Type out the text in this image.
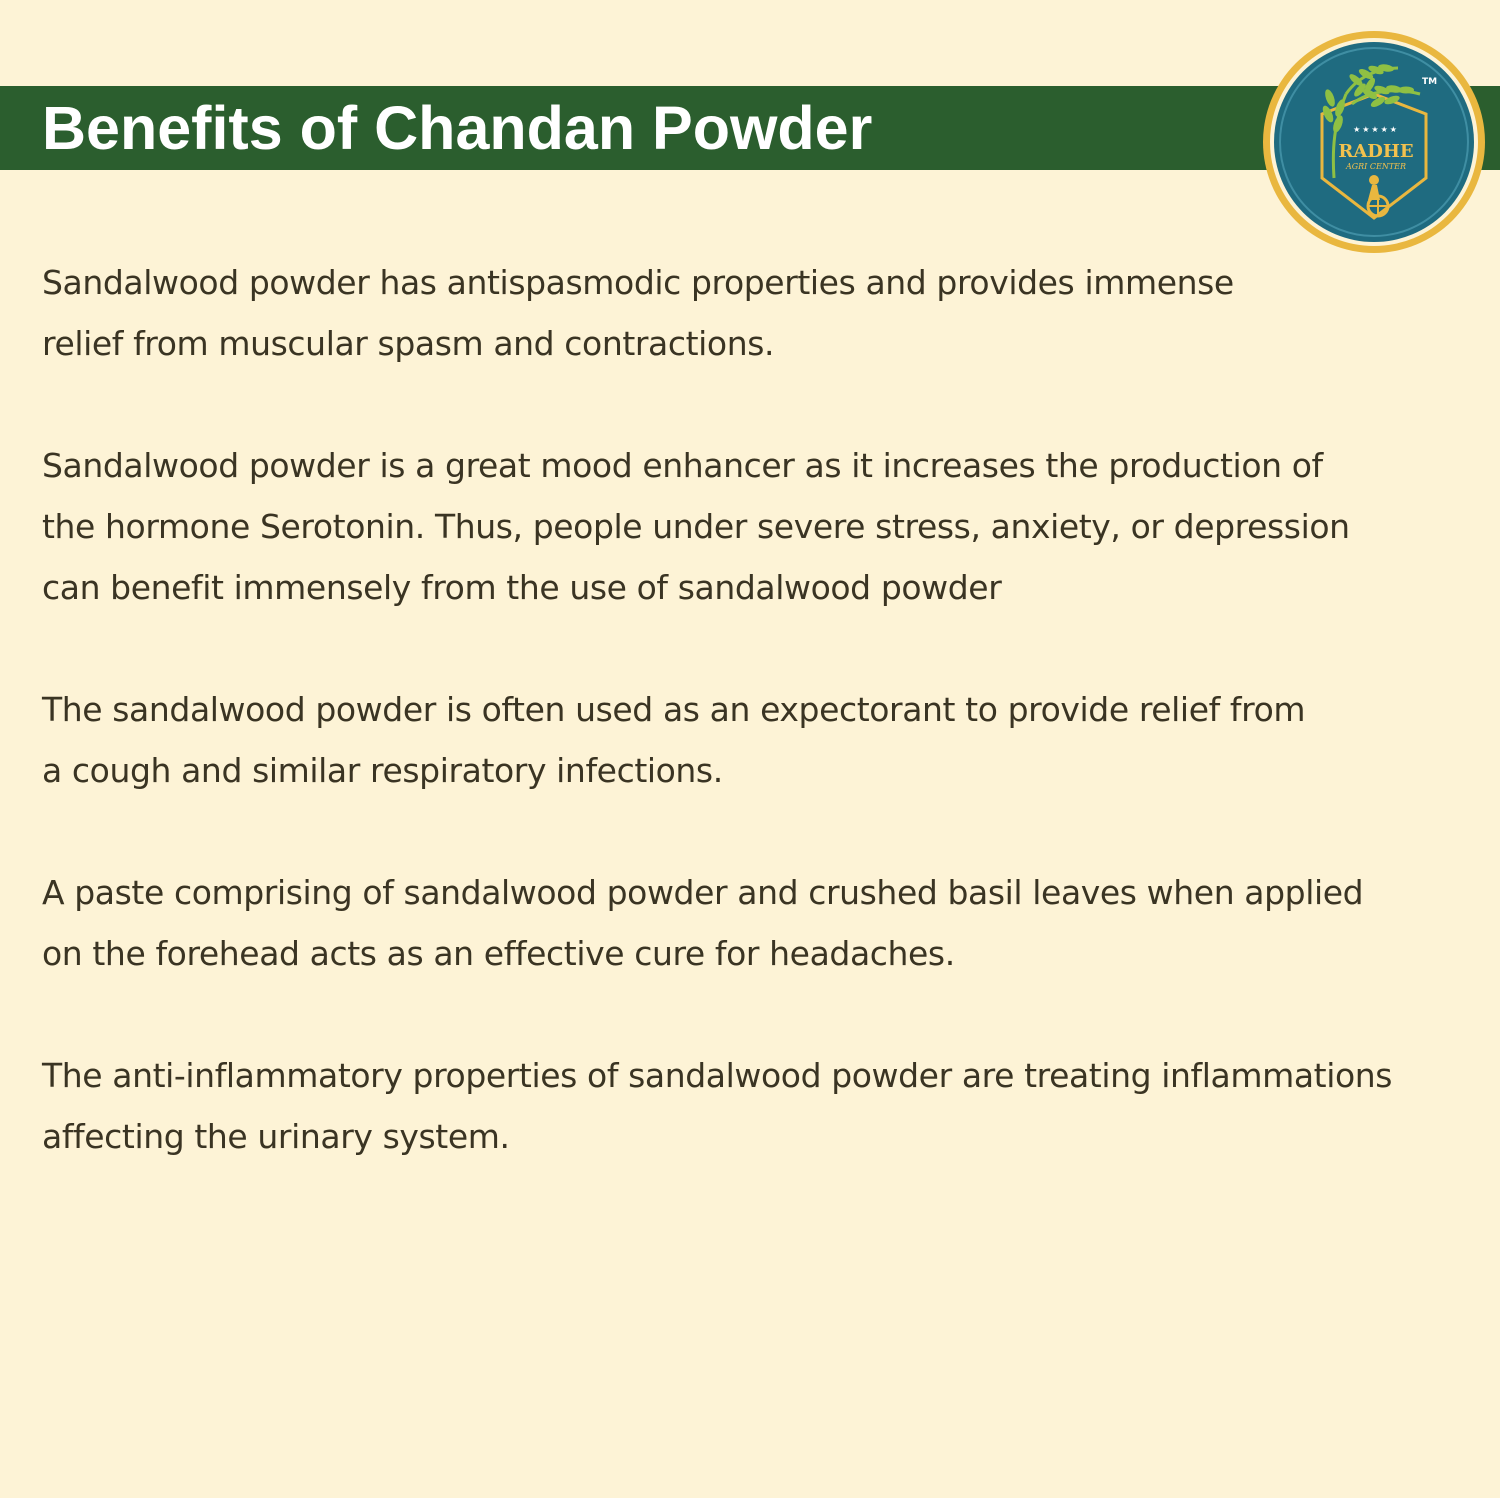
Benefits of Chandan Powder	★★★★★
RADHE
AGRI CENTER
TM

Sandalwood powder has antispasmodic properties and provides immense
relief from muscular spasm and contractions.

Sandalwood powder is a great mood enhancer as it increases the production of
the hormone Serotonin. Thus, people under severe stress, anxiety, or depression
can benefit immensely from the use of sandalwood powder

The sandalwood powder is often used as an expectorant to provide relief from
a cough and similar respiratory infections.

A paste comprising of sandalwood powder and crushed basil leaves when applied
on the forehead acts as an effective cure for headaches.

The anti-inflammatory properties of sandalwood powder are treating inflammations
affecting the urinary system.
